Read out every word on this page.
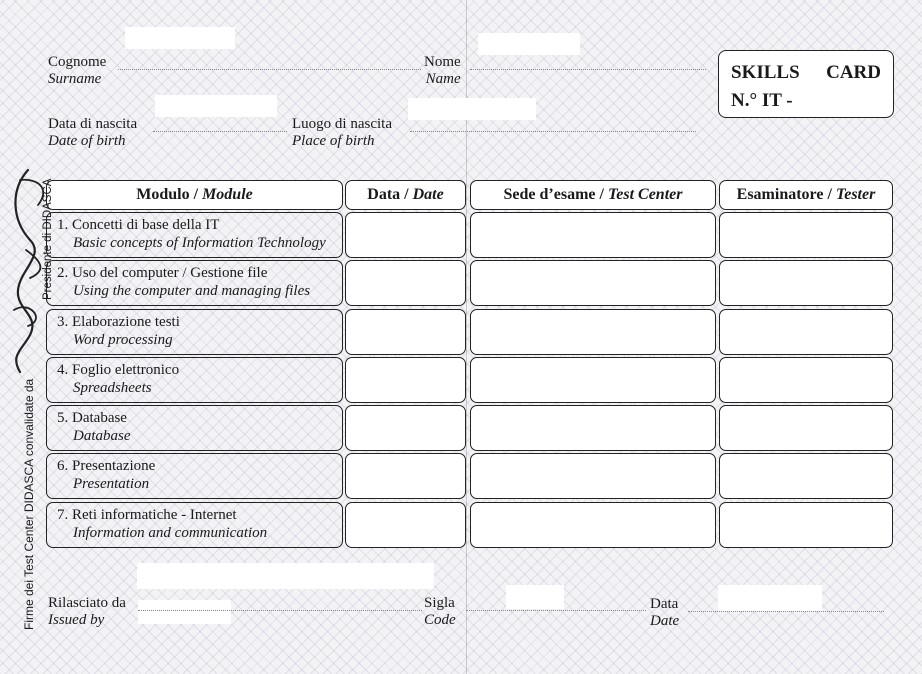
Cognome
Surname
Nome
Name
Data di nascita
Date of birth
Luogo di nascita
Place of birth
SKILLS CARD
N.° IT -
Modulo / Module	Data / Date	Sede d’esame / Test Center	Esaminatore / Tester
1. Concetti di base della IT
Basic concepts of Information Technology
2. Uso del computer / Gestione file
Using the computer and managing files
3. Elaborazione testi
Word processing
4. Foglio elettronico
Spreadsheets
5. Database
Database
6. Presentazione
Presentation
7. Reti informatiche - Internet
Information and communication
Rilasciato da
Issued by
Sigla
Code
Data
Date
Firme dei Test Center DIDASCA convalidate da
Presidente di DIDASCA
